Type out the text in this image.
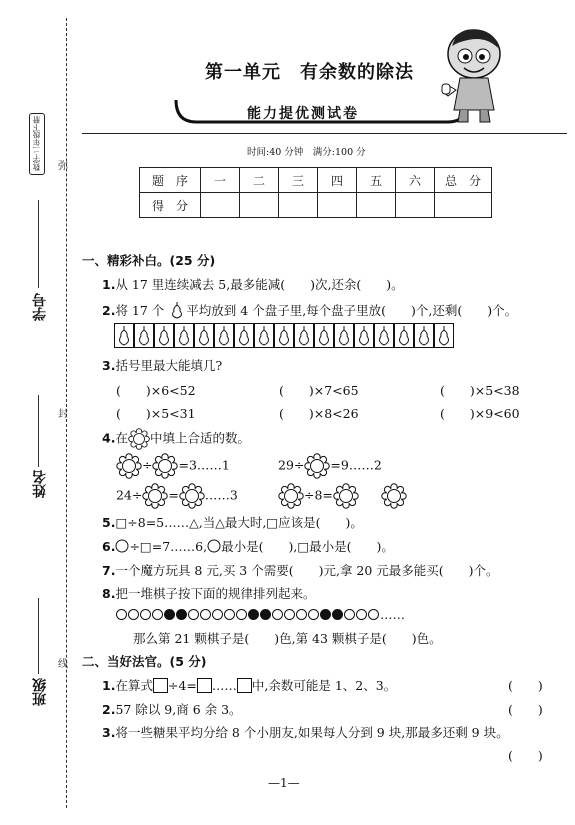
数学·二年级下册
学号
姓名
班级
弥
封
线
第一单元　有余数的除法
能力提优测试卷
时间:40 分钟　满分:100 分
题　序	一	二	三	四	五	六	总　分
得　分							
一、精彩补白。(25 分)
1.从 17 里连续减去 5,最多能减(　　)次,还余(　　)。
2.将 17 个 平均放到 4 个盘子里,每个盘子里放(　　)个,还剩(　　)个。
3.括号里最大能填几?
(　　)×6<52	(　　)×7<65	(　　)×5<38
(　　)×5<31	(　　)×8<26	(　　)×9<60
4.在 中填上合适的数。
÷ =3……1	29÷ =9……2
24÷ = ……3	÷8=
5.□÷8=5……△,当△最大时,□应该是(　　)。
6. ÷□=7……6, 最小是(　　),□最小是(　　)。
7.一个魔方玩具 8 元,买 3 个需要(　　)元,拿 20 元最多能买(　　)个。
8.把一堆棋子按下面的规律排列起来。
……
那么第 21 颗棋子是(　　)色,第 43 颗棋子是(　　)色。
二、当好法官。(5 分)
1.在算式 ÷4= …… 中,余数可能是 1、2、3。	(　　)
2.57 除以 9,商 6 余 3。	(　　)
3.将一些糖果平均分给 8 个小朋友,如果每人分到 9 块,那最多还剩 9 块。
(　　)
—1—
